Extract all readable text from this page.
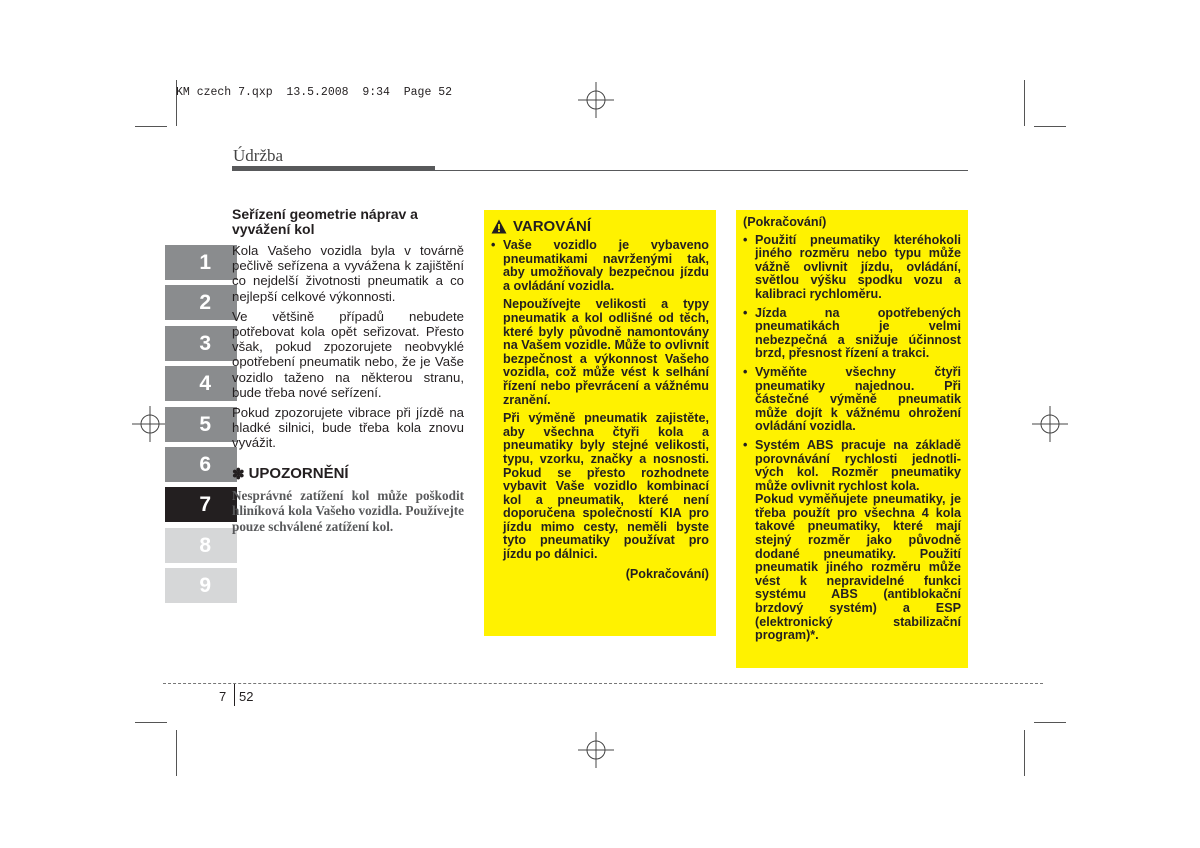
KM czech 7.qxp  13.5.2008  9:34  Page 52
Údržba
1
2
3
4
5
6
7
8
9
Seřízení geometrie náprav a vyvážení kol

Kola Vašeho vozidla byla v továrně pečlivě seřízena a vyvážena k zajištění co nejdelší životnosti pneumatik a co nejlepší celkové výkonnosti.

Ve většině případů nebudete potřebovat kola opět seřizovat. Přesto však, pokud zpozorujete neobvyklé opotřebení pneumatik nebo, že je Vaše vozidlo taženo na některou stranu, bude třeba nové seřízení.

Pokud zpozorujete vibrace při jízdě na hladké silnici, bude třeba kola znovu vyvážit.

✽ UPOZORNĚNÍ
Nesprávné zatížení kol může poškodit hliníková kola Vašeho vozidla. Používejte pouze schválené zatížení kol.
VAROVÁNÍ

• Vaše vozidlo je vybaveno pneumatikami navrženými tak, aby umožňovaly bezpečnou jízdu a ovládání vozidla.

Nepoužívejte velikosti a typy pneumatik a kol odlišné od těch, které byly původně namontovány na Vašem vozidle. Může to ovlivnit bezpečnost a výkonnost Vašeho vozidla, což může vést k selhání řízení nebo převrácení a vážnému zranění.

Při výměně pneumatik zajistěte, aby všechna čtyři kola a pneumatiky byly stejné velikosti, typu, vzorku, značky a nosnosti. Pokud se přesto rozhodnete vybavit Vaše vozidlo kombinací kol a pneumatik, které není doporučena společností KIA pro jízdu mimo cesty, neměli byste tyto pneumatiky používat pro jízdu po dálnici.

(Pokračování)

(Pokračování)

• Použití pneumatiky kteréhokoli jiného rozměru nebo typu může vážně ovlivnit jízdu, ovládání, světlou výšku spodku vozu a kalibraci rychloměru.

• Jízda na opotřebených pneumatikách je velmi nebezpečná a snižuje účinnost brzd, přesnost řízení a trakci.

• Vyměňte všechny čtyři pneumatiky najednou. Při částečné výměně pneumatik může dojít k vážnému ohrožení ovládání vozidla.

• Systém ABS pracuje na základě porovnávání rychlosti jednotli-vých kol. Rozměr pneumatiky může ovlivnit rychlost kola.

Pokud vyměňujete pneumatiky, je třeba použít pro všechna 4 kola takové pneumatiky, které mají stejný rozměr jako původně dodané pneumatiky. Použití pneumatik jiného rozměru může vést k nepravidelné funkci systému ABS (antiblokační brzdový systém) a ESP (elektronický stabilizační program)*.

7 52
